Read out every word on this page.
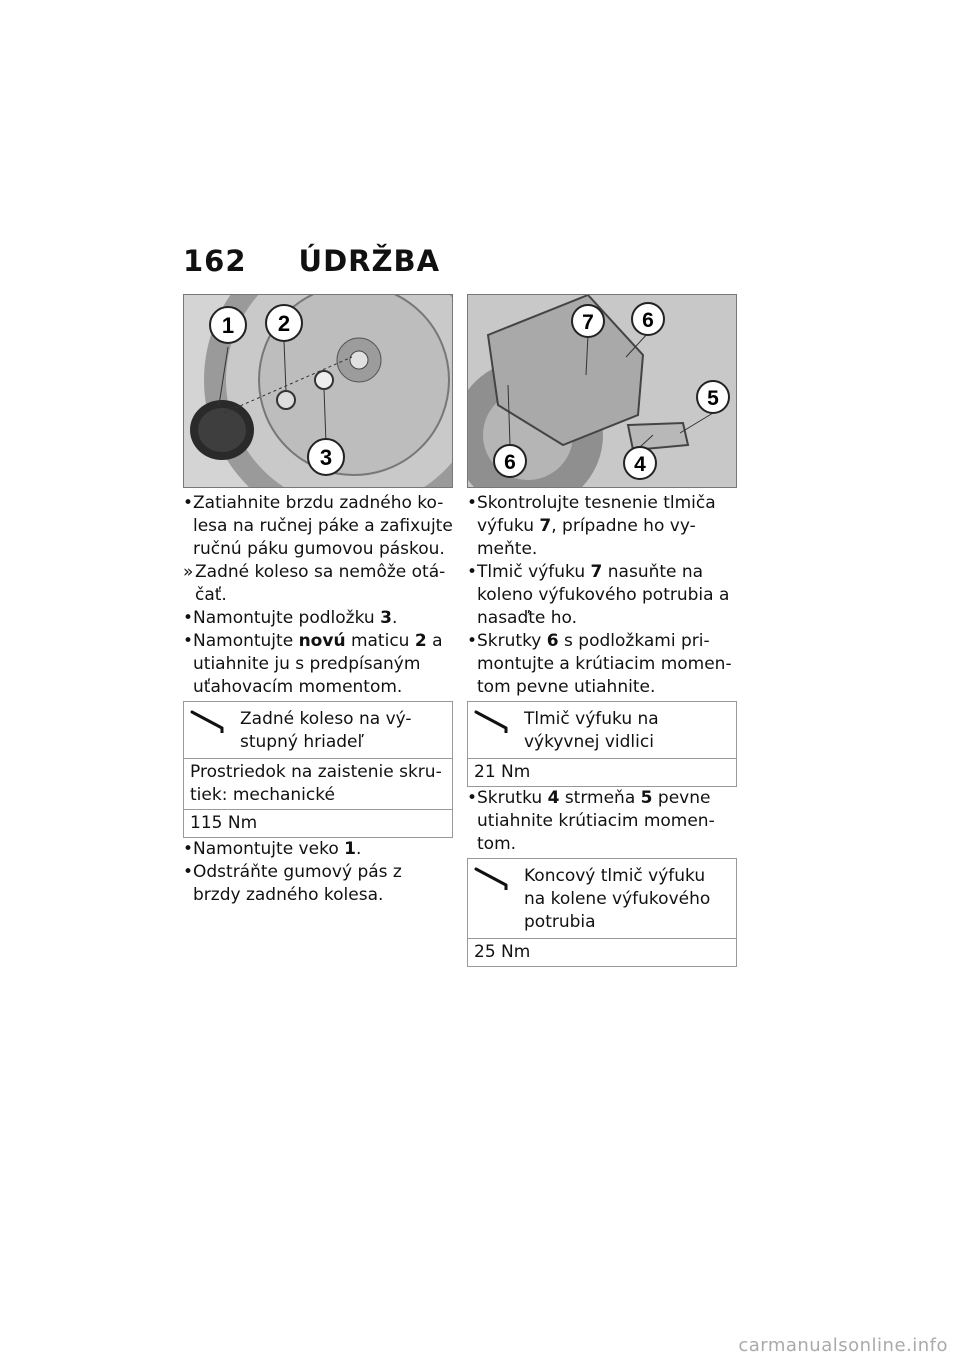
162 ÚDRŽBA
1 2
3
7 6
5
6	4
• Zatiahnite brzdu zadného ko-lesa na ručnej páke a zafixujte ručnú páku gumovou páskou.
» Zadné koleso sa nemôže otá-čať.
• Namontujte podložku 3.
• Namontujte novú maticu 2 a utiahnite ju s predpísaným uťahovacím momentom.
Zadné koleso na vý-stupný hriadeľ
Prostriedok na zaistenie skru-tiek: mechanické
115 Nm
• Namontujte veko 1.
• Odstráňte gumový pás z brzdy zadného kolesa.
• Skontrolujte tesnenie tlmiča výfuku 7, prípadne ho vy-meňte.
• Tlmič výfuku 7 nasuňte na koleno výfukového potrubia a nasaďte ho.
• Skrutky 6 s podložkami pri-montujte a krútiacim momen-tom pevne utiahnite.
Tlmič výfuku na výkyvnej vidlici
21 Nm
• Skrutku 4 strmeňa 5 pevne utiahnite krútiacim momen-tom.
Koncový tlmič výfuku na kolene výfukového potrubia
25 Nm
carmanualsonline.info
